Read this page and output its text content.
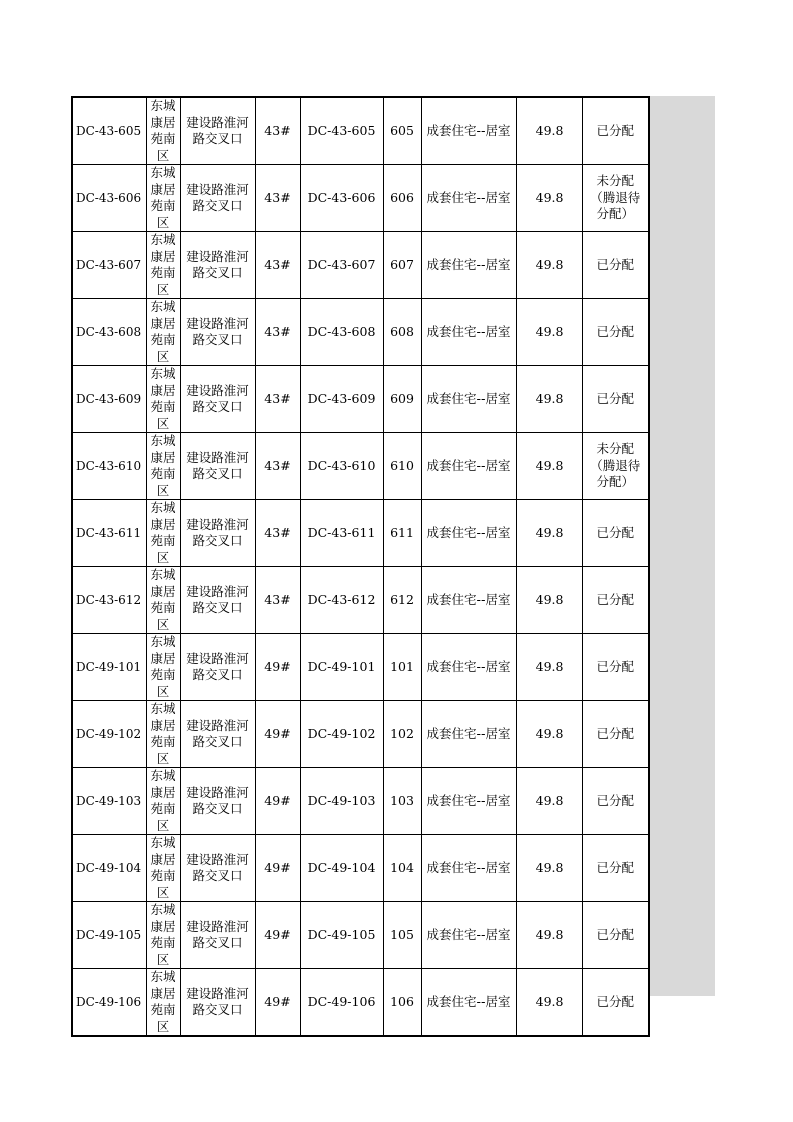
DC-43-605	东城康居苑南区	建设路淮河路交叉口	43#	DC-43-605	605	成套住宅--居室	49.8	已分配
DC-43-606	东城康居苑南区	建设路淮河路交叉口	43#	DC-43-606	606	成套住宅--居室	49.8	未分配（腾退待分配）
DC-43-607	东城康居苑南区	建设路淮河路交叉口	43#	DC-43-607	607	成套住宅--居室	49.8	已分配
DC-43-608	东城康居苑南区	建设路淮河路交叉口	43#	DC-43-608	608	成套住宅--居室	49.8	已分配
DC-43-609	东城康居苑南区	建设路淮河路交叉口	43#	DC-43-609	609	成套住宅--居室	49.8	已分配
DC-43-610	东城康居苑南区	建设路淮河路交叉口	43#	DC-43-610	610	成套住宅--居室	49.8	未分配（腾退待分配）
DC-43-611	东城康居苑南区	建设路淮河路交叉口	43#	DC-43-611	611	成套住宅--居室	49.8	已分配
DC-43-612	东城康居苑南区	建设路淮河路交叉口	43#	DC-43-612	612	成套住宅--居室	49.8	已分配
DC-49-101	东城康居苑南区	建设路淮河路交叉口	49#	DC-49-101	101	成套住宅--居室	49.8	已分配
DC-49-102	东城康居苑南区	建设路淮河路交叉口	49#	DC-49-102	102	成套住宅--居室	49.8	已分配
DC-49-103	东城康居苑南区	建设路淮河路交叉口	49#	DC-49-103	103	成套住宅--居室	49.8	已分配
DC-49-104	东城康居苑南区	建设路淮河路交叉口	49#	DC-49-104	104	成套住宅--居室	49.8	已分配
DC-49-105	东城康居苑南区	建设路淮河路交叉口	49#	DC-49-105	105	成套住宅--居室	49.8	已分配
DC-49-106	东城康居苑南区	建设路淮河路交叉口	49#	DC-49-106	106	成套住宅--居室	49.8	已分配
